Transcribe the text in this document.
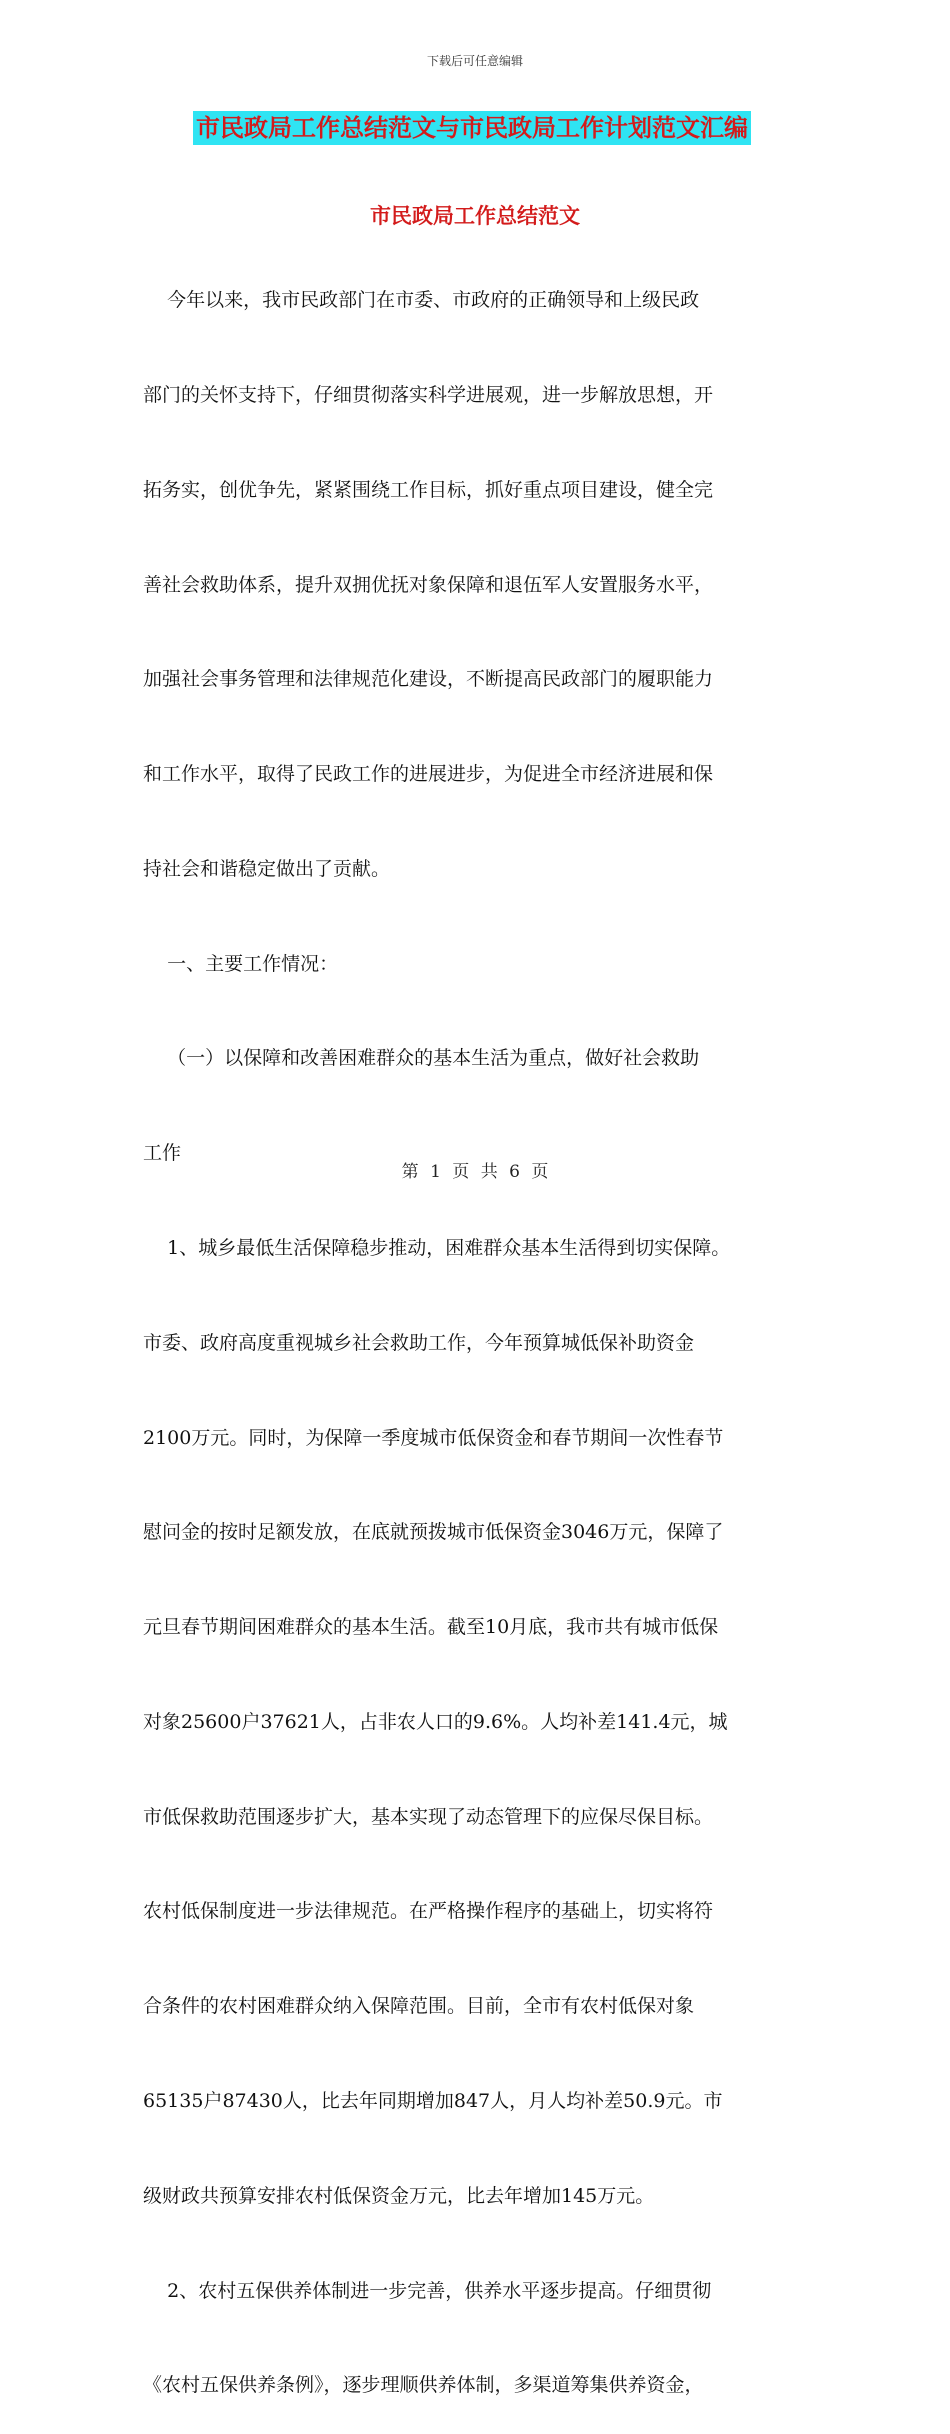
下载后可任意编辑
市民政局工作总结范文与市民政局工作计划范文汇编
市民政局工作总结范文

今年以来，我市民政部门在市委、市政府的正确领导和上级民政

部门的关怀支持下，仔细贯彻落实科学进展观，进一步解放思想，开

拓务实，创优争先，紧紧围绕工作目标，抓好重点项目建设，健全完

善社会救助体系，提升双拥优抚对象保障和退伍军人安置服务水平，

加强社会事务管理和法律规范化建设，不断提高民政部门的履职能力

和工作水平，取得了民政工作的进展进步，为促进全市经济进展和保

持社会和谐稳定做出了贡献。

一、主要工作情况：

（一）以保障和改善困难群众的基本生活为重点，做好社会救助

工作

1、城乡最低生活保障稳步推动，困难群众基本生活得到切实保障。

市委、政府高度重视城乡社会救助工作，今年预算城低保补助资金

2100万元。同时，为保障一季度城市低保资金和春节期间一次性春节

慰问金的按时足额发放，在底就预拨城市低保资金3046万元，保障了

元旦春节期间困难群众的基本生活。截至10月底，我市共有城市低保

对象25600户37621人，占非农人口的9.6%。人均补差141.4元，城

市低保救助范围逐步扩大，基本实现了动态管理下的应保尽保目标。

农村低保制度进一步法律规范。在严格操作程序的基础上，切实将符

合条件的农村困难群众纳入保障范围。目前，全市有农村低保对象

65135户87430人，比去年同期增加847人，月人均补差50.9元。市

级财政共预算安排农村低保资金万元，比去年增加145万元。

2、农村五保供养体制进一步完善，供养水平逐步提高。仔细贯彻

《农村五保供养条例》，逐步理顺供养体制，多渠道筹集供养资金，

第 1 页 共 6 页
